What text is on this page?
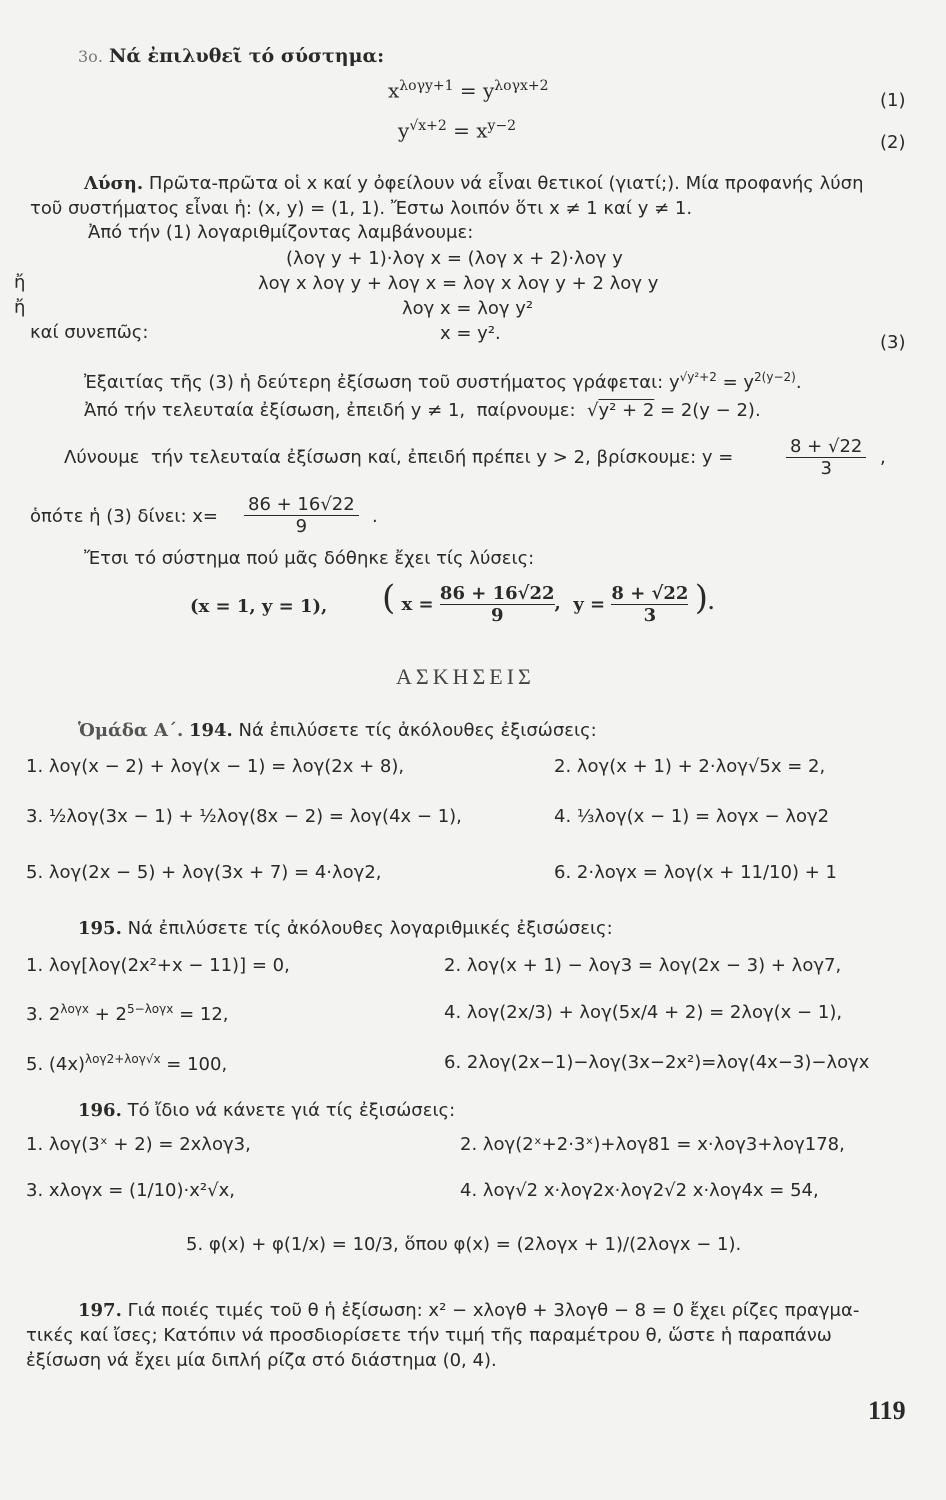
3ο. Νά ἐπιλυθεῖ τό σύστημα:
$x^{\lambda o\gamma y+1} = y^{\lambda o\gamma x+2}$
(1)
$y^{√x+2} = x^{y-2}$
(2)
Λύση. Πρῶτα-πρῶτα οἱ x καί y ὀφείλουν νά εἶναι θετικοί (γιατί;). Μία προφανής λύση
τοῦ συστήματος εἶναι ἡ: (x, y) = (1, 1). Ἔστω λοιπόν ὅτι x ≠ 1 καί y ≠ 1.
Ἀπό τήν (1) λογαριθμίζοντας λαμβάνουμε:
(λογ y + 1)·λογ x = (λογ x + 2)·λογ y
ἤ	λογ x λογ y + λογ x = λογ x λογ y + 2 λογ y
ἤ	λογ x = λογ y²
καί συνεπῶς:	x = y².	(3)
Ἐξαιτίας τῆς (3) ἡ δεύτερη ἐξίσωση τοῦ συστήματος γράφεται: $y^{√y^2+2} = y^{2(y-2)}$.
Ἀπό τήν τελευταία ἐξίσωση, ἐπειδή y ≠ 1,  παίρνουμε:  √y² + 2 = 2(y − 2).
Λύνουμε  τήν τελευταία ἐξίσωση καί, ἐπειδή πρέπει y > 2, βρίσκουμε: y =
8 + √22
3
,
ὁπότε ἡ (3) δίνει: x=
86 + 16√22
9	.
Ἔτσι τό σύστημα πού μᾶς δόθηκε ἔχει τίς λύσεις:
(x = 1, y = 1), ( $x = \frac{86 + 16√22}{9}$ ,  $y = \frac{8 + √22}{3}$ ).
ΑΣΚΗΣΕΙΣ
Ὁμάδα Α΄. 194. Νά ἐπιλύσετε τίς ἀκόλουθες ἐξισώσεις:
1. λογ(x − 2) + λογ(x − 1) = λογ(2x + 8),	2. λογ(x + 1) + 2·λογ√5x = 2,
3. ½λογ(3x − 1) + ½λογ(8x − 2) = λογ(4x − 1),	4. ⅓λογ(x − 1) = λογx − λογ2
5. λογ(2x − 5) + λογ(3x + 7) = 4·λογ2,	6. 2·λογx = λογ(x + 11/10) + 1
195. Νά ἐπιλύσετε τίς ἀκόλουθες λογαριθμικές ἐξισώσεις:
1. λογ[λογ(2x²+x − 11)] = 0,	2. λογ(x + 1) − λογ3 = λογ(2x − 3) + λογ7,
3. $2^{\lambda o\gamma x} + 2^{5-\lambda o\gamma x} = 12$,	4. λογ(2x/3) + λογ(5x/4 + 2) = 2λογ(x − 1),
5. $(4x)^{\lambda o\gamma 2+\lambda o\gamma√x} = 100$,	6. 2λογ(2x−1)−λογ(3x−2x²)=λογ(4x−3)−λογx
196. Τό ἴδιο νά κάνετε γιά τίς ἐξισώσεις:
1. λογ(3ˣ + 2) = 2xλογ3,	2. λογ(2ˣ+2·3ˣ)+λογ81 = x·λογ3+λογ178,
3. xλογx = (1/10)·x²√x,	4. λογ√2 x·λογ2x·λογ2√2 x·λογ4x = 54,
5. φ(x) + φ(1/x) = 10/3, ὅπου φ(x) = (2λογx + 1)/(2λογx − 1).
197. Γιά ποιές τιμές τοῦ θ ἡ ἐξίσωση: x² − xλογθ + 3λογθ − 8 = 0 ἔχει ρίζες πραγμα-
τικές καί ἴσες; Κατόπιν νά προσδιορίσετε τήν τιμή τῆς παραμέτρου θ, ὥστε ἡ παραπάνω
ἐξίσωση νά ἔχει μία διπλή ρίζα στό διάστημα (0, 4).
119
